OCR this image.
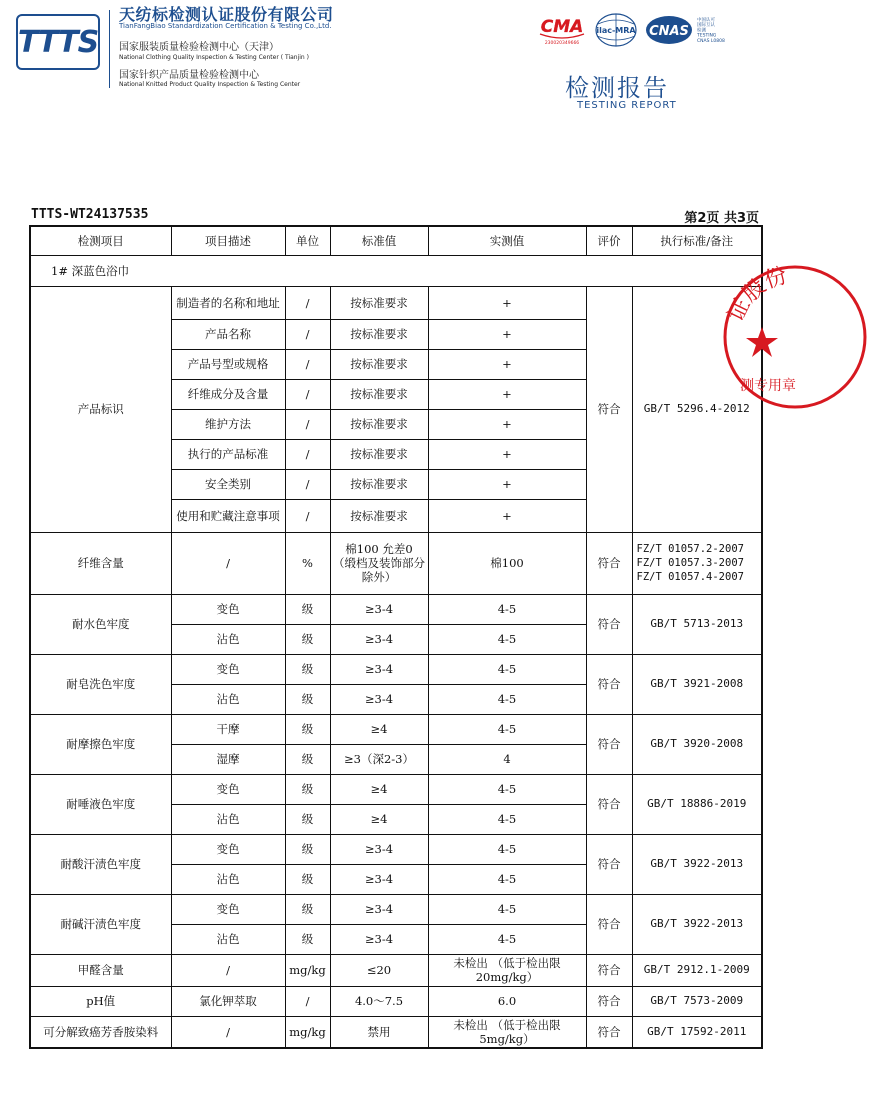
TTTS
天纺标检测认证股份有限公司
TianFangBiao Standardization Certification & Testing Co.,Ltd.
国家服装质量检验检测中心（天津）
National Clothing Quality Inspection & Testing Center ( Tianjin )
国家针织产品质量检验检测中心
National Knitted Product Quality Inspection & Testing Center
CMA
230020349666
ilac-MRA CNAS
中国认可国际互认检测 TESTING CNAS L0808
检测报告
TESTING REPORT
TTTS-WT24137535	第2页 共3页
检测项目	项目描述	单位	标准值	实测值	评价	执行标准/备注
1# 深蓝色浴巾						
产品标识	制造者的名称和地址	/	按标准要求	+	符合	GB/T 5296.4-2012
	产品名称	/	按标准要求	+		
	产品号型或规格	/	按标准要求	+		
	纤维成分及含量	/	按标准要求	+		
	维护方法	/	按标准要求	+		
	执行的产品标准	/	按标准要求	+		
	安全类别	/	按标准要求	+		
	使用和贮藏注意事项	/	按标准要求	+		
纤维含量	/	%	棉100 允差0 （缎档及装饰部分除外）	棉100	符合	FZ/T 01057.2-2007 FZ/T 01057.3-2007 FZ/T 01057.4-2007
耐水色牢度	变色	级	≥3-4	4-5	符合	GB/T 5713-2013
	沾色	级	≥3-4	4-5		
耐皂洗色牢度	变色	级	≥3-4	4-5	符合	GB/T 3921-2008
	沾色	级	≥3-4	4-5		
耐摩擦色牢度	干摩	级	≥4	4-5	符合	GB/T 3920-2008
	湿摩	级	≥3（深2-3）	4		
耐唾液色牢度	变色	级	≥4	4-5	符合	GB/T 18886-2019
	沾色	级	≥4	4-5		
耐酸汗渍色牢度	变色	级	≥3-4	4-5	符合	GB/T 3922-2013
	沾色	级	≥3-4	4-5		
耐碱汗渍色牢度	变色	级	≥3-4	4-5	符合	GB/T 3922-2013
	沾色	级	≥3-4	4-5		
甲醛含量	/	mg/kg	≤20	未检出 （低于检出限20mg/kg）	符合	GB/T 2912.1-2009
pH值	氯化钾萃取	/	4.0～7.5	6.0	符合	GB/T 7573-2009
可分解致癌芳香胺染料	/	mg/kg	禁用	未检出 （低于检出限5mg/kg）	符合	GB/T 17592-2011
证股份
测专用章
